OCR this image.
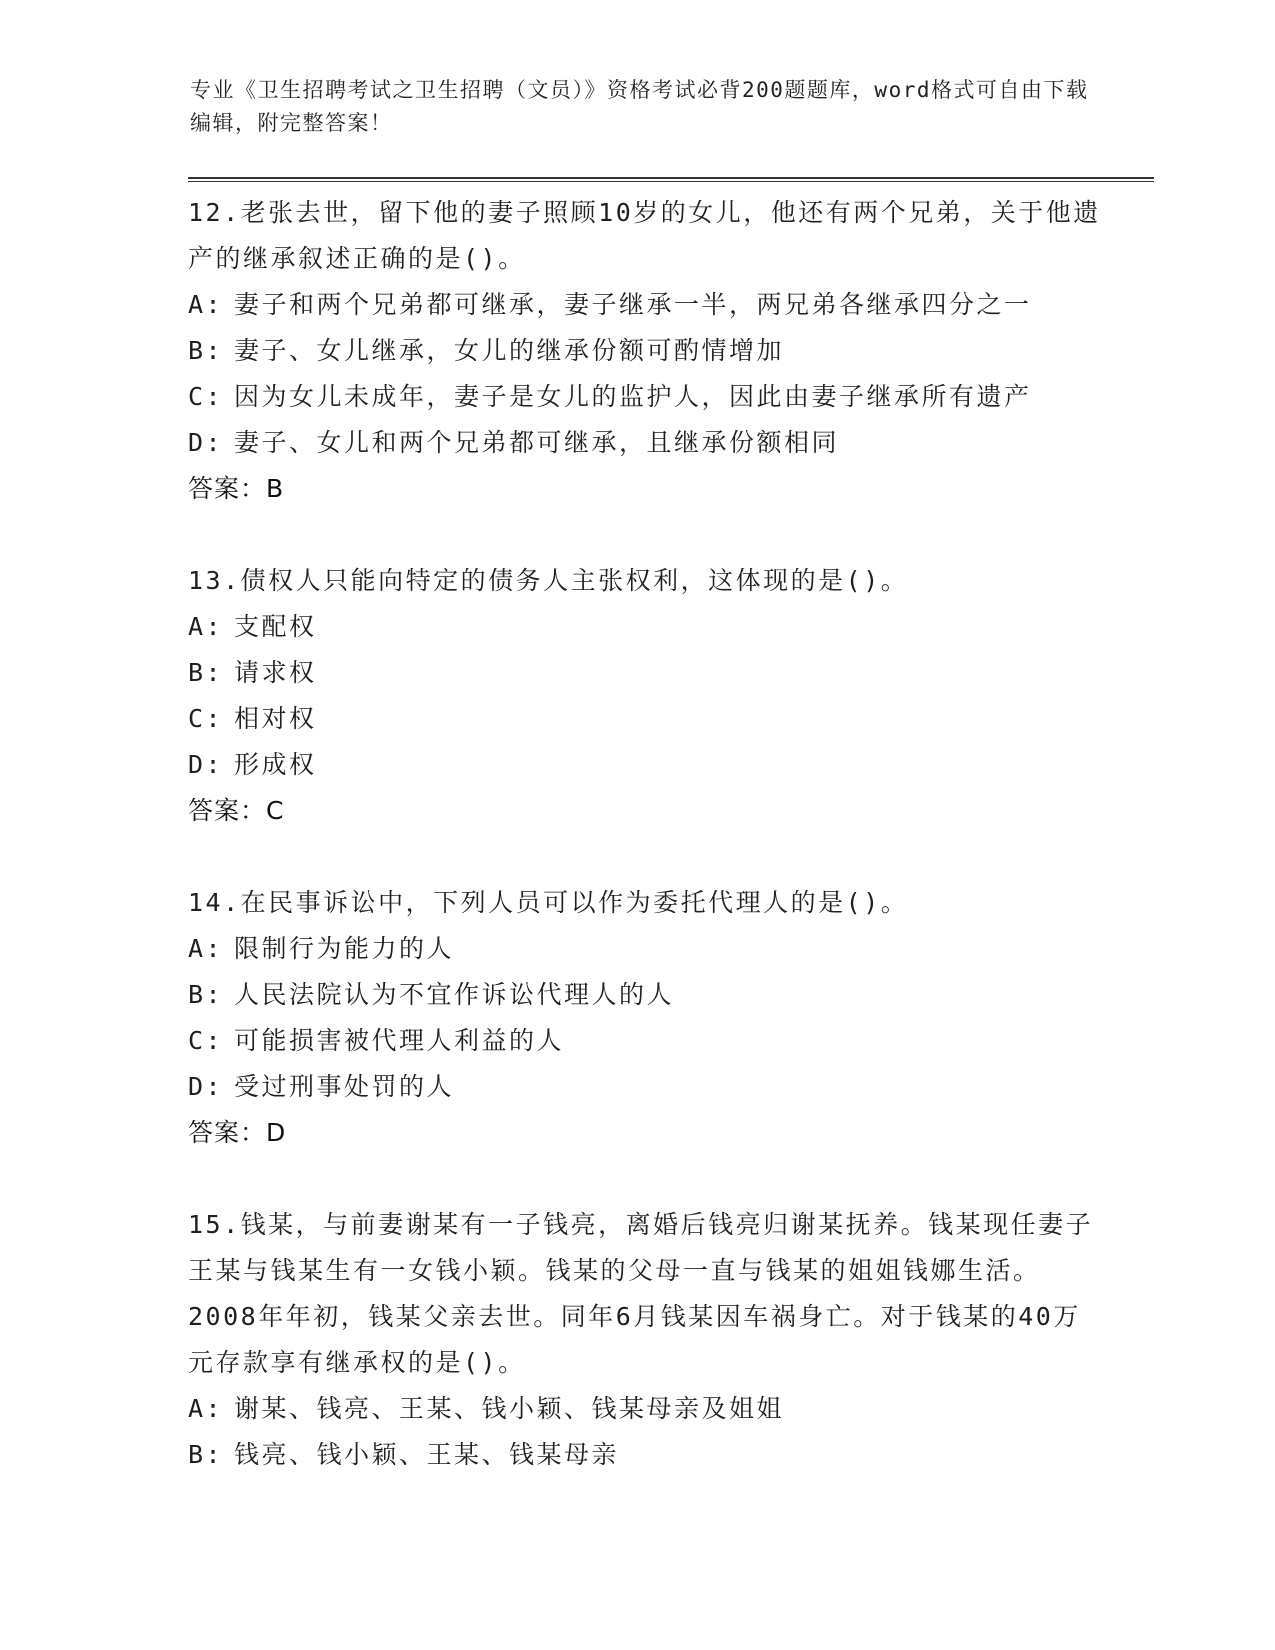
专业《卫生招聘考试之卫生招聘（文员）》资格考试必背200题题库，word格式可自由下载编辑，附完整答案！
12.老张去世，留下他的妻子照顾10岁的女儿，他还有两个兄弟，关于他遗产的继承叙述正确的是()。
A: 妻子和两个兄弟都可继承，妻子继承一半，两兄弟各继承四分之一
B: 妻子、女儿继承，女儿的继承份额可酌情增加
C: 因为女儿未成年，妻子是女儿的监护人，因此由妻子继承所有遗产
D: 妻子、女儿和两个兄弟都可继承，且继承份额相同
答案：B
13.债权人只能向特定的债务人主张权利，这体现的是()。
A: 支配权
B: 请求权
C: 相对权
D: 形成权
答案：C
14.在民事诉讼中，下列人员可以作为委托代理人的是()。
A: 限制行为能力的人
B: 人民法院认为不宜作诉讼代理人的人
C: 可能损害被代理人利益的人
D: 受过刑事处罚的人
答案：D
15.钱某，与前妻谢某有一子钱亮，离婚后钱亮归谢某抚养。钱某现任妻子王某与钱某生有一女钱小颖。钱某的父母一直与钱某的姐姐钱娜生活。2008年年初，钱某父亲去世。同年6月钱某因车祸身亡。对于钱某的40万元存款享有继承权的是()。
A: 谢某、钱亮、王某、钱小颖、钱某母亲及姐姐
B: 钱亮、钱小颖、王某、钱某母亲
